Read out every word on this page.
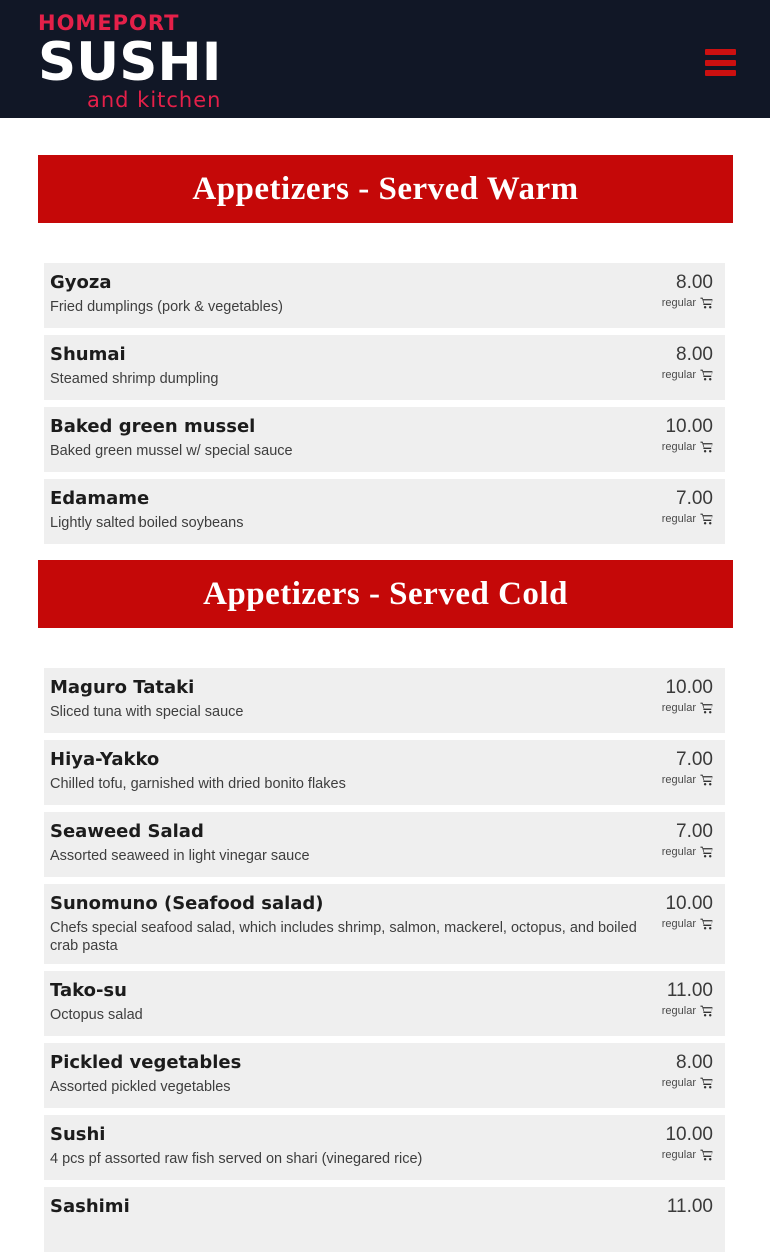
HOMEPORT
SUSHI
and kitchen
Appetizers - Served Warm
Gyoza
Fried dumplings (pork & vegetables)
8.00
regular
Shumai
Steamed shrimp dumpling
8.00
regular
Baked green mussel
Baked green mussel w/ special sauce
10.00
regular
Edamame
Lightly salted boiled soybeans
7.00
regular
Appetizers - Served Cold
Maguro Tataki
Sliced tuna with special sauce
10.00
regular
Hiya-Yakko
Chilled tofu, garnished with dried bonito flakes
7.00
regular
Seaweed Salad
Assorted seaweed in light vinegar sauce
7.00
regular
Sunomuno (Seafood salad)
Chefs special seafood salad, which includes shrimp, salmon, mackerel, octopus, and boiled crab pasta
10.00
regular
Tako-su
Octopus salad
11.00
regular
Pickled vegetables
Assorted pickled vegetables
8.00
regular
Sushi
4 pcs pf assorted raw fish served on shari (vinegared rice)
10.00
regular
Sashimi	11.00
